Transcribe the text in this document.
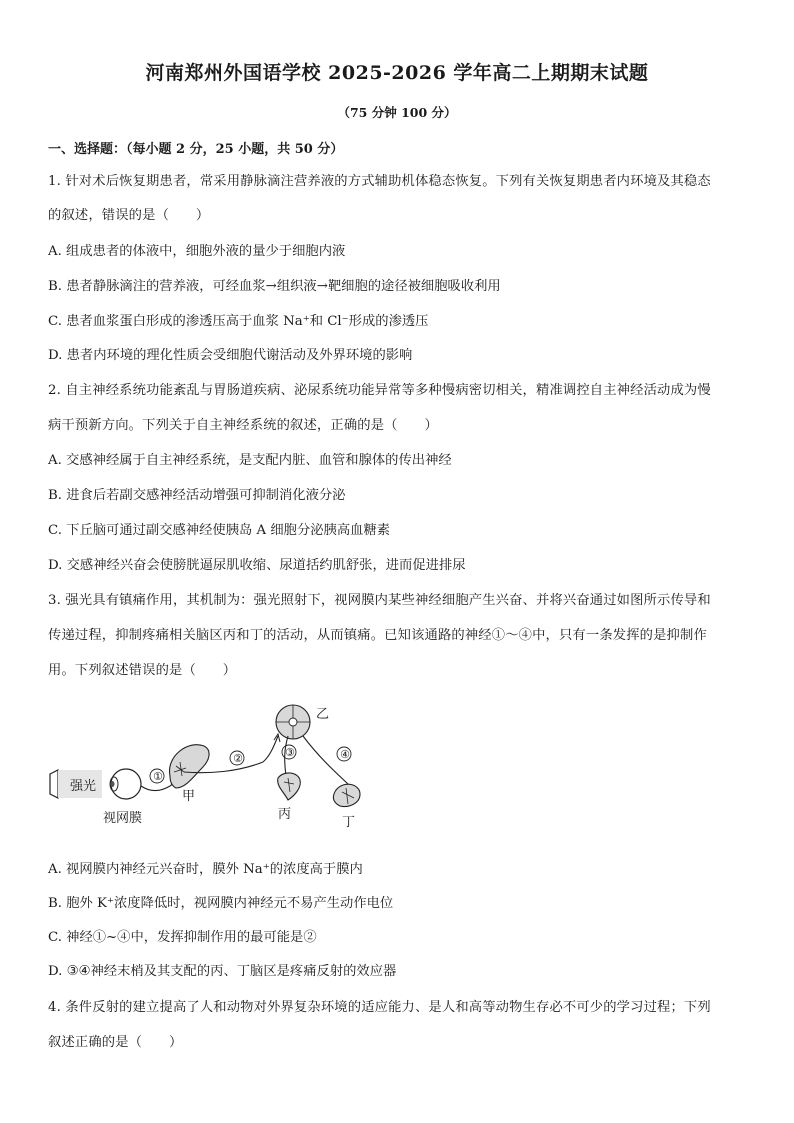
河南郑州外国语学校 2025-2026 学年高二上期期末试题
（75 分钟 100 分）
一、选择题：（每小题 2 分，25 小题，共 50 分）
1. 针对术后恢复期患者，常采用静脉滴注营养液的方式辅助机体稳态恢复。下列有关恢复期患者内环境及其稳态
的叙述，错误的是（　　）
A. 组成患者的体液中，细胞外液的量少于细胞内液
B. 患者静脉滴注的营养液，可经血浆→组织液→靶细胞的途径被细胞吸收利用
C. 患者血浆蛋白形成的渗透压高于血浆 Na⁺和 Cl⁻形成的渗透压
D. 患者内环境的理化性质会受细胞代谢活动及外界环境的影响
2. 自主神经系统功能紊乱与胃肠道疾病、泌尿系统功能异常等多种慢病密切相关，精准调控自主神经活动成为慢
病干预新方向。下列关于自主神经系统的叙述，正确的是（　　）
A. 交感神经属于自主神经系统，是支配内脏、血管和腺体的传出神经
B. 进食后若副交感神经活动增强可抑制消化液分泌
C. 下丘脑可通过副交感神经使胰岛 A 细胞分泌胰高血糖素
D. 交感神经兴奋会使膀胱逼尿肌收缩、尿道括约肌舒张，进而促进排尿
3. 强光具有镇痛作用，其机制为：强光照射下，视网膜内某些神经细胞产生兴奋、并将兴奋通过如图所示传导和
传递过程，抑制疼痛相关脑区丙和丁的活动，从而镇痛。已知该通路的神经①～④中，只有一条发挥的是抑制作
用。下列叙述错误的是（　　）
强光
视网膜
①
甲
②
乙
③	④
丙
丁
A. 视网膜内神经元兴奋时，膜外 Na⁺的浓度高于膜内
B. 胞外 K⁺浓度降低时，视网膜内神经元不易产生动作电位
C. 神经①~④中，发挥抑制作用的最可能是②
D. ③④神经末梢及其支配的丙、丁脑区是疼痛反射的效应器
4. 条件反射的建立提高了人和动物对外界复杂环境的适应能力、是人和高等动物生存必不可少的学习过程；下列
叙述正确的是（　　）
